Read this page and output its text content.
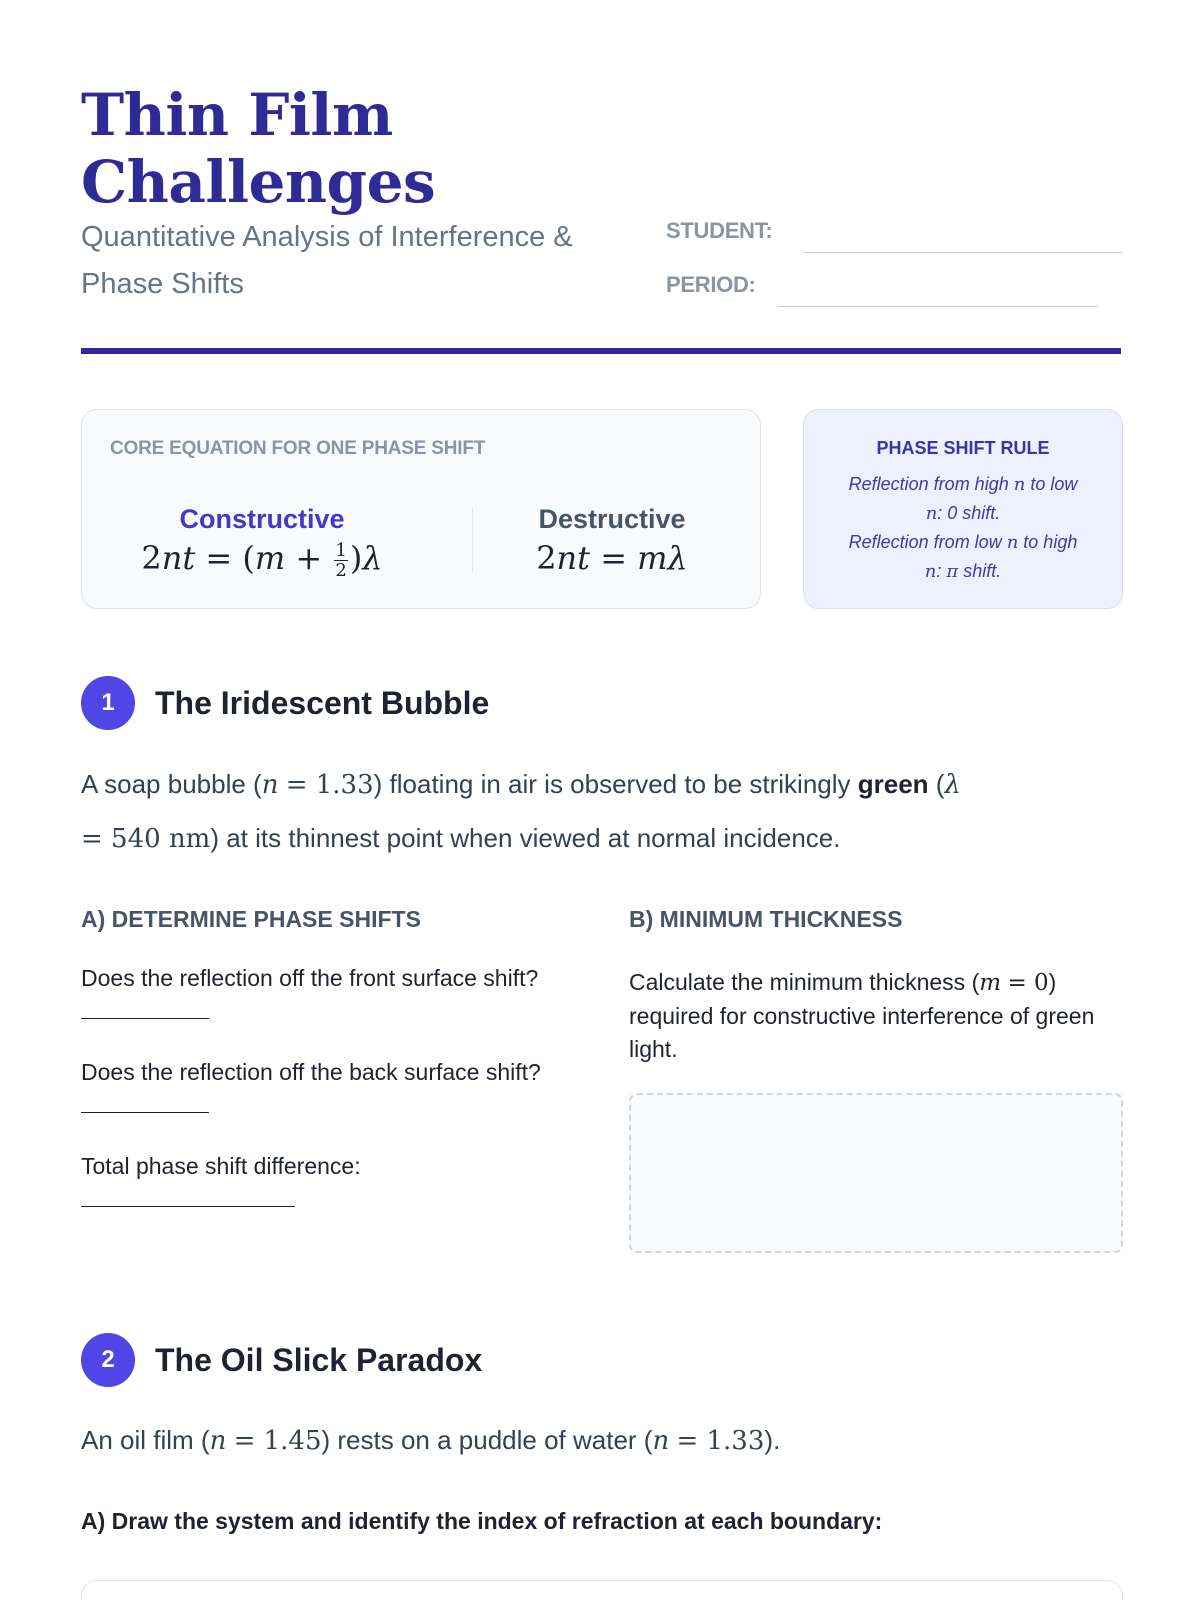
Thin Film Challenges
Quantitative Analysis of Interference & Phase Shifts
STUDENT:
PERIOD:
CORE EQUATION FOR ONE PHASE SHIFT
Constructive
$2nt = (m + \frac{1}{2} )\lambda$
Destructive
2nt = mλ
PHASE SHIFT RULE
Reflection from high n to low
n: 0 shift.
Reflection from low n to high
n: π shift.
1	The Iridescent Bubble
A soap bubble (n = 1.33) floating in air is observed to be strikingly green (λ
= 540 nm) at its thinnest point when viewed at normal incidence.
A) DETERMINE PHASE SHIFTS	B) MINIMUM THICKNESS
Does the reflection off the front surface shift?
Does the reflection off the back surface shift?
Total phase shift difference:

Calculate the minimum thickness (m = 0) required for constructive interference of green light.
2	The Oil Slick Paradox
An oil film (n = 1.45) rests on a puddle of water (n = 1.33).
A) Draw the system and identify the index of refraction at each boundary:
